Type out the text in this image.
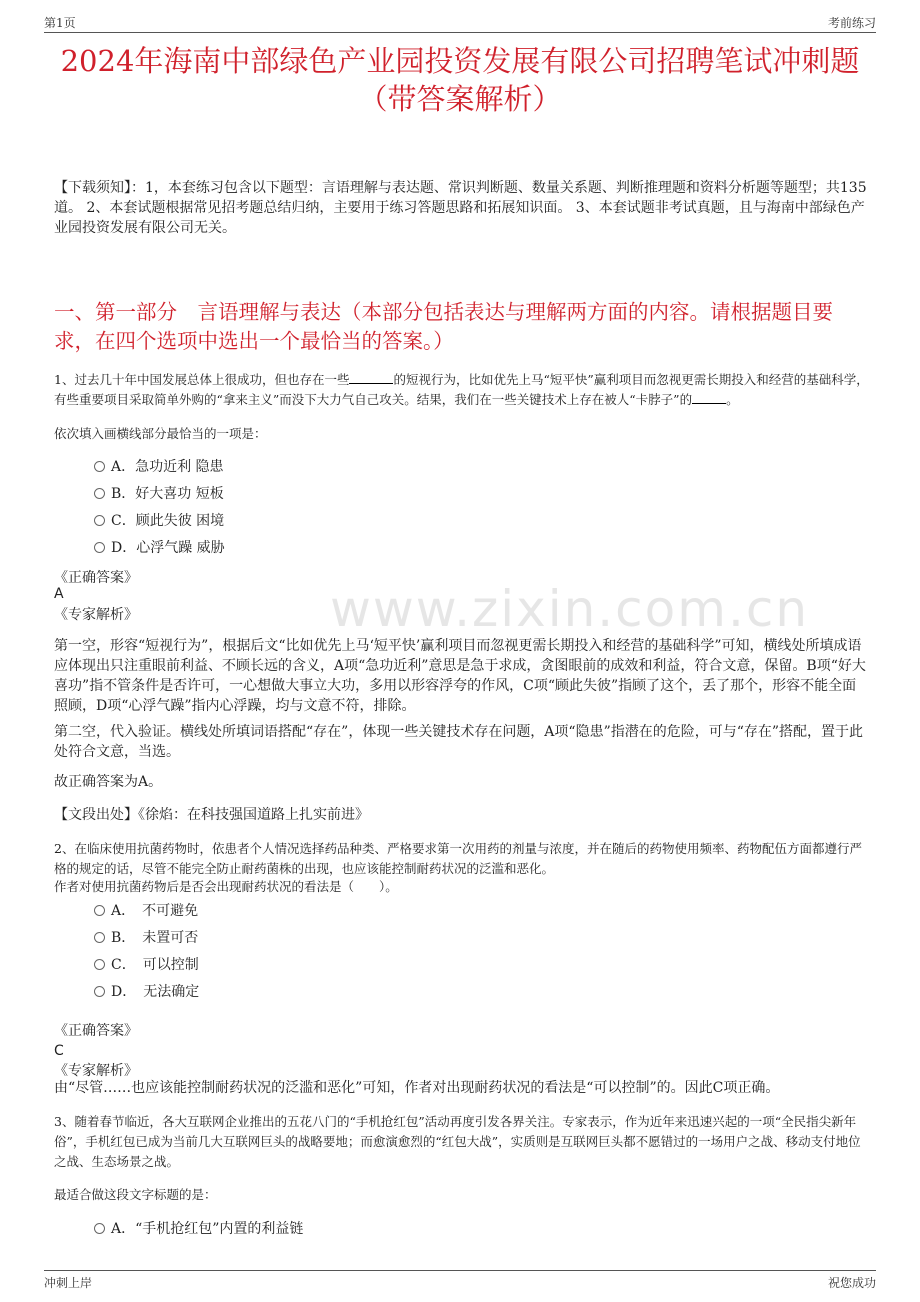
第1页	考前练习
www.zixin.com.cn
2024年海南中部绿色产业园投资发展有限公司招聘笔试冲刺题
（带答案解析）
【下载须知】：1，本套练习包含以下题型：言语理解与表达题、常识判断题、数量关系题、判断推理题和资料分析题等题型；共135道。 2、本套试题根据常见招考题总结归纳，主要用于练习答题思路和拓展知识面。 3、本套试题非考试真题，且与海南中部绿色产业园投资发展有限公司无关。
一、第一部分　言语理解与表达（本部分包括表达与理解两方面的内容。请根据题目要求，在四个选项中选出一个最恰当的答案。）
1、过去几十年中国发展总体上很成功，但也存在一些	的短视行为，比如优先上马“短平快”赢利项目而忽视更需长期投入和经营的基础科学，有些重要项目采取简单外购的“拿来主义”而没下大力气自己攻关。结果，我们在一些关键技术上存在被人“卡脖子”的	。
依次填入画横线部分最恰当的一项是：
A．急功近利 隐患
B．好大喜功 短板
C．顾此失彼 困境
D．心浮气躁 威胁
《正确答案》
A
《专家解析》
第一空，形容“短视行为”，根据后文“比如优先上马‘短平快’赢利项目而忽视更需长期投入和经营的基础科学”可知，横线处所填成语应体现出只注重眼前利益、不顾长远的含义，A项“急功近利”意思是急于求成，贪图眼前的成效和利益，符合文意，保留。B项“好大喜功”指不管条件是否许可，一心想做大事立大功，多用以形容浮夸的作风，C项“顾此失彼”指顾了这个，丢了那个，形容不能全面照顾，D项“心浮气躁”指内心浮躁，均与文意不符，排除。
第二空，代入验证。横线处所填词语搭配“存在”，体现一些关键技术存在问题，A项“隐患”指潜在的危险，可与“存在”搭配，置于此处符合文意，当选。
故正确答案为A。
【文段出处】《徐焰：在科技强国道路上扎实前进》
2、在临床使用抗菌药物时，依患者个人情况选择药品种类、严格要求第一次用药的剂量与浓度，并在随后的药物使用频率、药物配伍方面都遵行严格的规定的话，尽管不能完全防止耐药菌株的出现，也应该能控制耐药状况的泛滥和恶化。
作者对使用抗菌药物后是否会出现耐药状况的看法是（　　）。
A．　不可避免
B．　未置可否
C．　可以控制
D．　无法确定
《正确答案》
C
《专家解析》
由“尽管……也应该能控制耐药状况的泛滥和恶化”可知，作者对出现耐药状况的看法是“可以控制”的。因此C项正确。
3、随着春节临近，各大互联网企业推出的五花八门的“手机抢红包”活动再度引发各界关注。专家表示，作为近年来迅速兴起的一项“全民指尖新年俗”，手机红包已成为当前几大互联网巨头的战略要地；而愈演愈烈的“红包大战”，实质则是互联网巨头都不愿错过的一场用户之战、移动支付地位之战、生态场景之战。
最适合做这段文字标题的是：
A．“手机抢红包”内置的利益链
冲刺上岸	祝您成功
